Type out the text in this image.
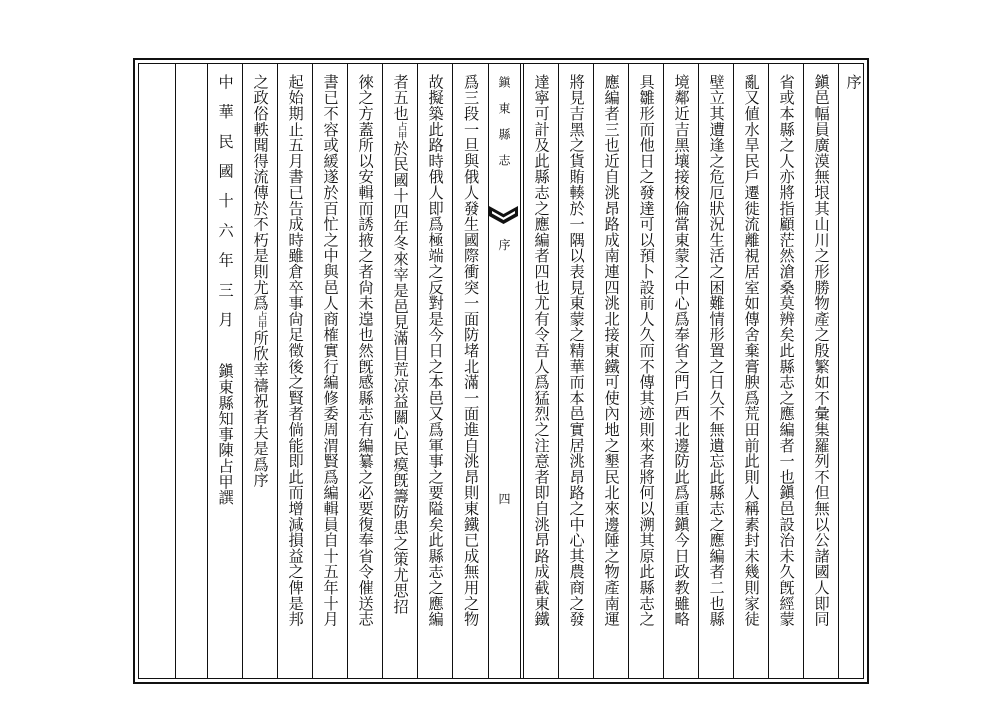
序
鎭邑幅員廣漠無垠其山川之形勝物產之殷繁如不彙集羅列不但無以公諸國人即同
省或本縣之人亦將指顧茫然滄桑莫辨矣此縣志之應編者一也鎭邑設治未久旣經蒙
亂又値水旱民戶遷徙流離視居室如傳舍棄膏腴爲荒田前此則人稱素封未幾則家徒
壁立其遭逢之危厄狀況生活之困難情形置之日久不無遺忘此縣志之應編者二也縣
境鄰近吉黑壤接梭倫當東蒙之中心爲奉省之門戶西北邊防此爲重鎭今日政教雖略
具雛形而他日之發達可以預卜設前人久而不傳其迹則來者將何以溯其原此縣志之
應編者三也近自洮昂路成南連四洮北接東鐵可使內地之墾民北來邊陲之物產南運
將見吉黑之貨賄輳於一隅以表見東蒙之精華而本邑實居洮昂路之中心其農商之發
達寧可計及此縣志之應編者四也尤有令吾人爲猛烈之注意者即自洮昂路成截東鐵
鎭東縣志
序
四
爲三段一旦與俄人發生國際衝突一面防堵北滿一面進自洮昂則東鐵已成無用之物
故擬築此路時俄人即爲極端之反對是今日之本邑又爲軍事之要隘矣此縣志之應編
者五也占甲於民國十四年冬來宰是邑見滿目荒凉益關心民瘼旣籌防患之策尤思招
徠之方蓋所以安輯而誘掖之者尙未遑也然旣感縣志有編纂之必要復奉省令催送志
書已不容或緩遂於百忙之中與邑人商榷實行編修委周渭賢爲編輯員自十五年十月
起始期止五月書已告成時雖倉卒事尙足徵後之賢者倘能即此而增減損益之俾是邦
之政俗軼聞得流傳於不朽是則尤爲占甲所欣幸禱祝者夫是爲序
中華民國十六年三月鎭東縣知事陳占甲譔
